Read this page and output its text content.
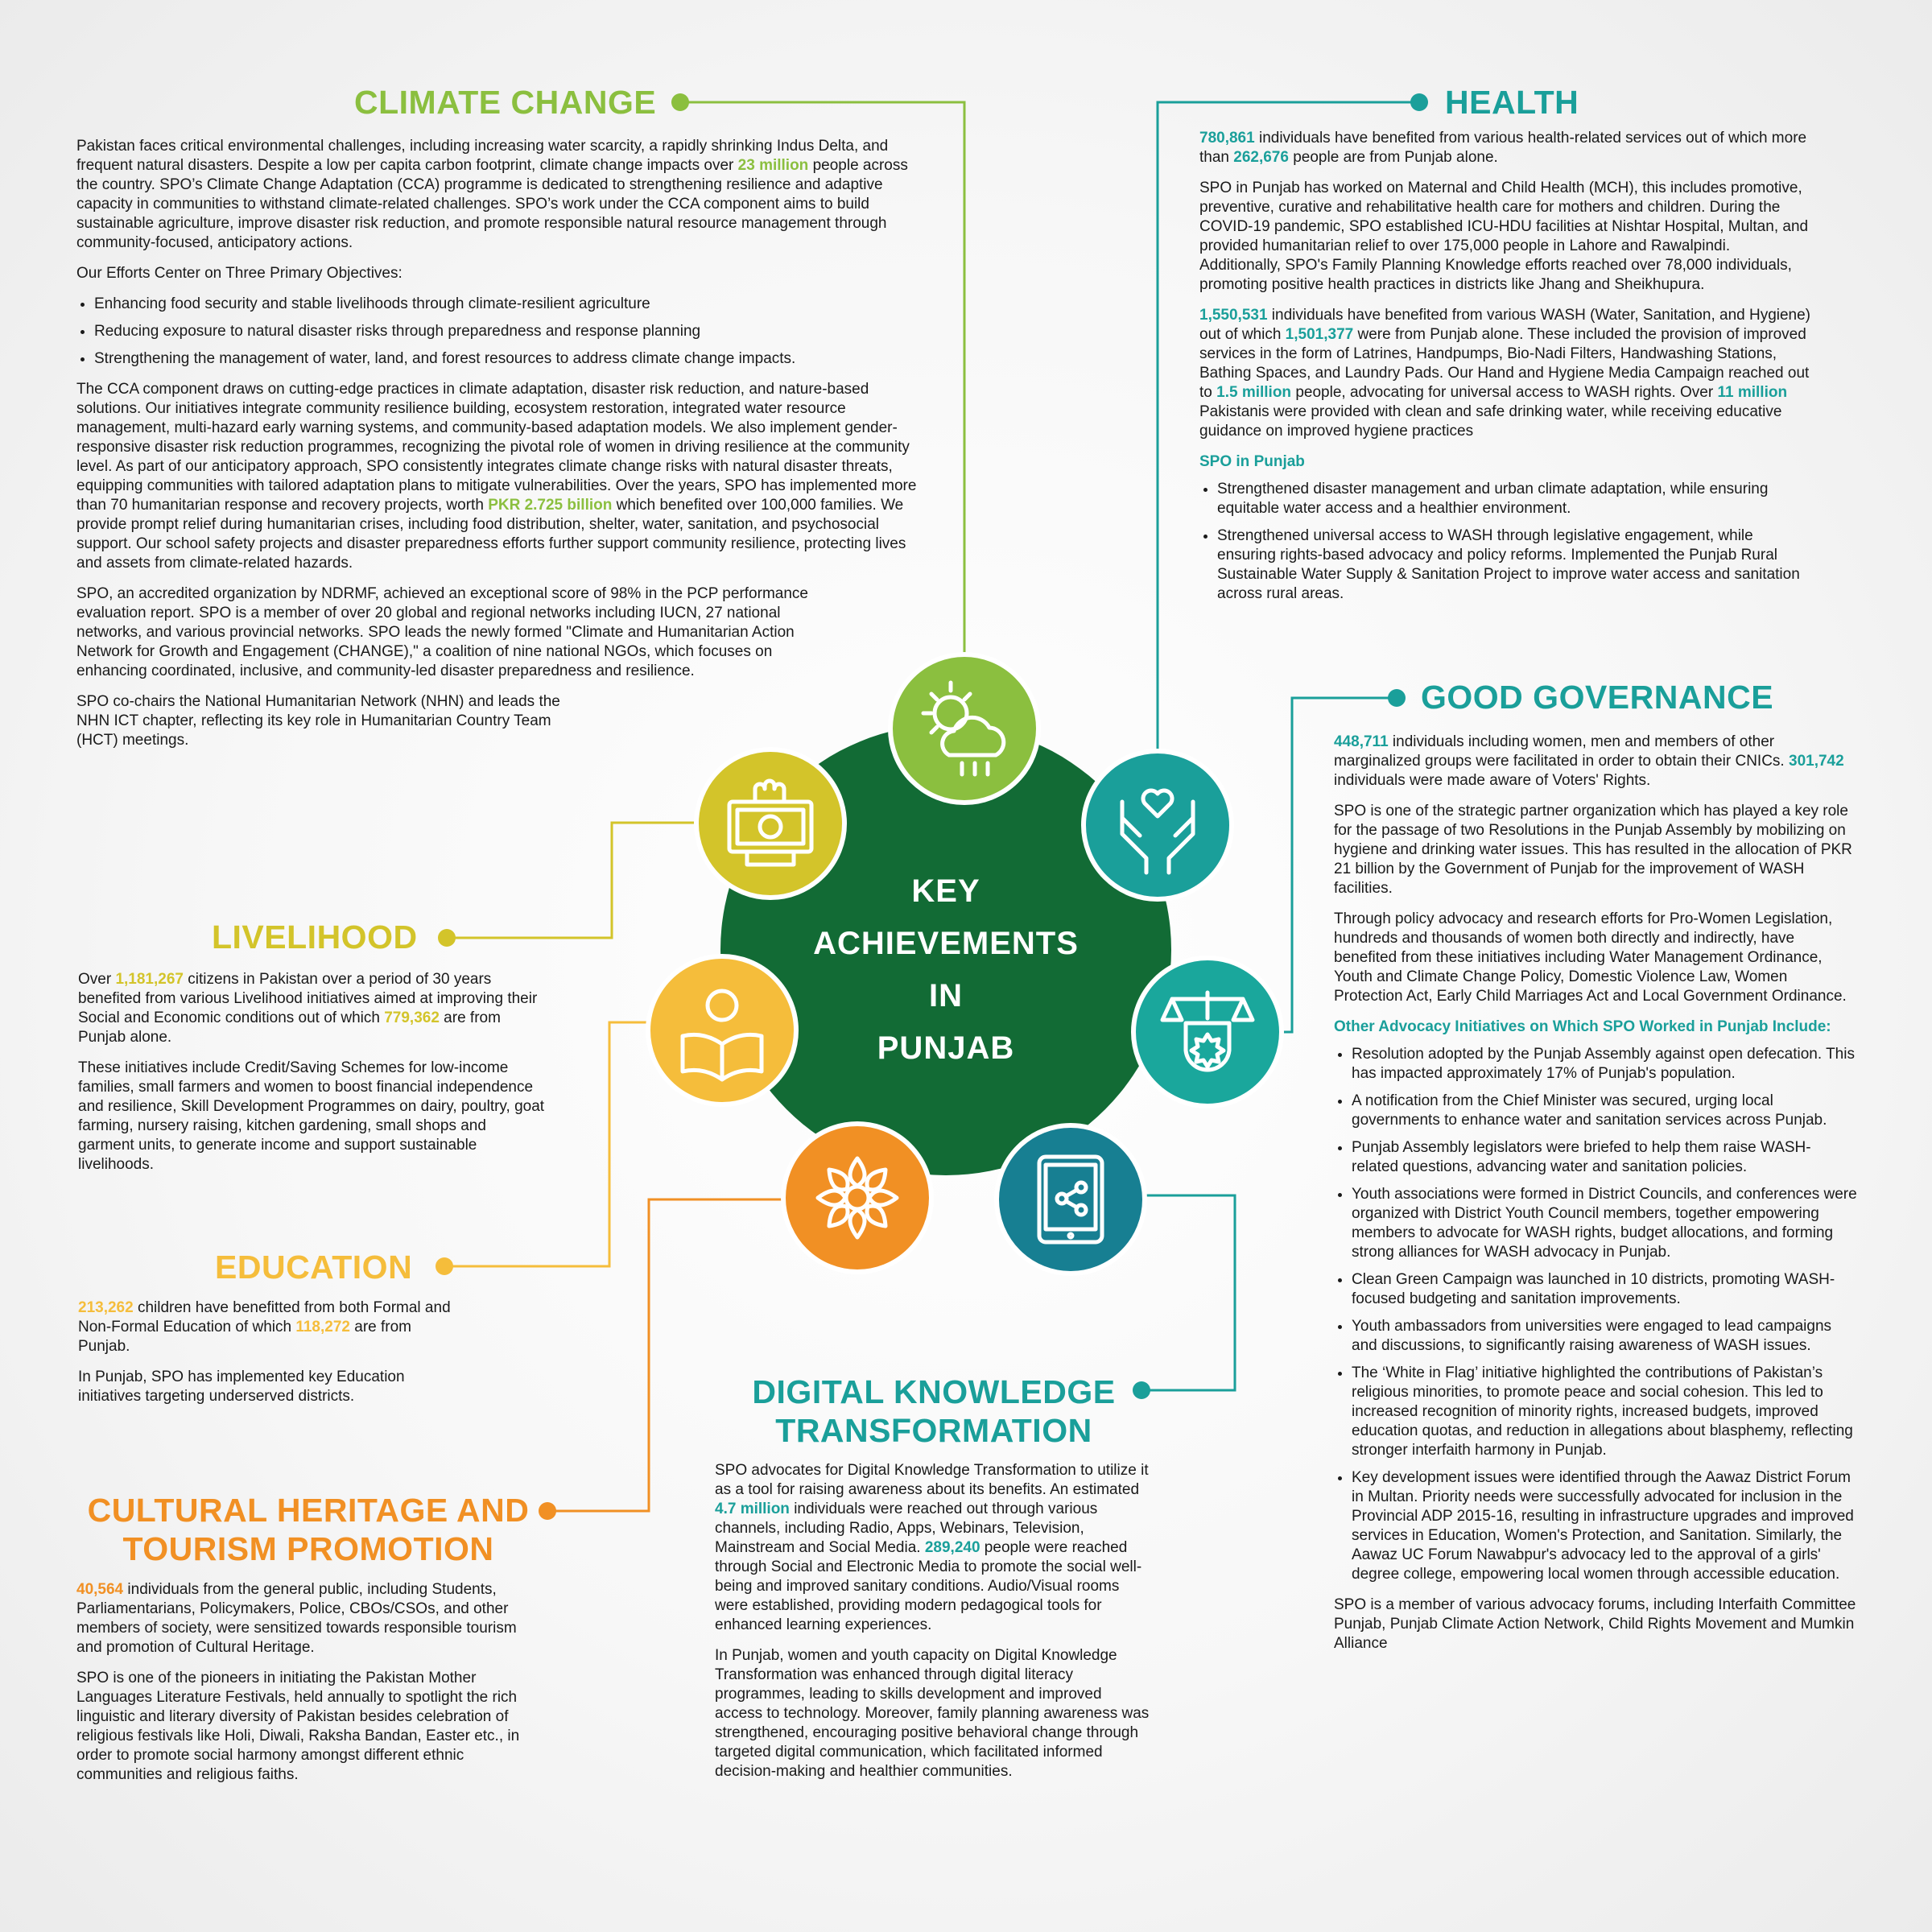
KEY
ACHIEVEMENTS
IN
PUNJAB
CLIMATE CHANGE

Pakistan faces critical environmental challenges, including increasing water scarcity, a rapidly shrinking Indus Delta, and frequent natural disasters. Despite a low per capita carbon footprint, climate change impacts over 23 million people across the country. SPO’s Climate Change Adaptation (CCA) programme is dedicated to strengthening resilience and adaptive capacity in communities to withstand climate-related challenges. SPO’s work under the CCA component aims to build sustainable agriculture, improve disaster risk reduction, and promote responsible natural resource management through community-focused, anticipatory actions.

Our Efforts Center on Three Primary Objectives:

• Enhancing food security and stable livelihoods through climate-resilient agriculture
• Reducing exposure to natural disaster risks through preparedness and response planning
• Strengthening the management of water, land, and forest resources to address climate change impacts.

The CCA component draws on cutting-edge practices in climate adaptation, disaster risk reduction, and nature-based solutions. Our initiatives integrate community resilience building, ecosystem restoration, integrated water resource management, multi-hazard early warning systems, and community-based adaptation models. We also implement gender-responsive disaster risk reduction programmes, recognizing the pivotal role of women in driving resilience at the community level. As part of our anticipatory approach, SPO consistently integrates climate change risks with natural disaster threats, equipping communities with tailored adaptation plans to mitigate vulnerabilities. Over the years, SPO has implemented more than 70 humanitarian response and recovery projects, worth PKR 2.725 billion which benefited over 100,000 families. We provide prompt relief during humanitarian crises, including food distribution, shelter, water, sanitation, and psychosocial support. Our school safety projects and disaster preparedness efforts further support community resilience, protecting lives and assets from climate-related hazards.

SPO, an accredited organization by NDRMF, achieved an exceptional score of 98% in the PCP performance evaluation report. SPO is a member of over 20 global and regional networks including IUCN, 27 national networks, and various provincial networks. SPO leads the newly formed "Climate and Humanitarian Action Network for Growth and Engagement (CHANGE)," a coalition of nine national NGOs, which focuses on enhancing coordinated, inclusive, and community-led disaster preparedness and resilience.

SPO co-chairs the National Humanitarian Network (NHN) and leads the NHN ICT chapter, reflecting its key role in Humanitarian Country Team (HCT) meetings.

LIVELIHOOD

Over 1,181,267 citizens in Pakistan over a period of 30 years benefited from various Livelihood initiatives aimed at improving their Social and Economic conditions out of which 779,362 are from Punjab alone.

These initiatives include Credit/Saving Schemes for low-income families, small farmers and women to boost financial independence and resilience, Skill Development Programmes on dairy, poultry, goat farming, nursery raising, kitchen gardening, small shops and garment units, to generate income and support sustainable livelihoods.

EDUCATION

213,262 children have benefitted from both Formal and Non-Formal Education of which 118,272 are from Punjab.

In Punjab, SPO has implemented key Education initiatives targeting underserved districts.

CULTURAL HERITAGE AND
TOURISM PROMOTION

40,564 individuals from the general public, including Students, Parliamentarians, Policymakers, Police, CBOs/CSOs, and other members of society, were sensitized towards responsible tourism and promotion of Cultural Heritage.

SPO is one of the pioneers in initiating the Pakistan Mother Languages Literature Festivals, held annually to spotlight the rich linguistic and literary diversity of Pakistan besides celebration of religious festivals like Holi, Diwali, Raksha Bandan, Easter etc., in order to promote social harmony amongst different ethnic communities and religious faiths.

DIGITAL KNOWLEDGE
TRANSFORMATION

SPO advocates for Digital Knowledge Transformation to utilize it as a tool for raising awareness about its benefits. An estimated 4.7 million individuals were reached out through various channels, including Radio, Apps, Webinars, Television, Mainstream and Social Media. 289,240 people were reached through Social and Electronic Media to promote the social well-being and improved sanitary conditions. Audio/Visual rooms were established, providing modern pedagogical tools for enhanced learning experiences.

In Punjab, women and youth capacity on Digital Knowledge Transformation was enhanced through digital literacy programmes, leading to skills development and improved access to technology. Moreover, family planning awareness was strengthened, encouraging positive behavioral change through targeted digital communication, which facilitated informed decision-making and healthier communities.

HEALTH

780,861 individuals have benefited from various health-related services out of which more than 262,676 people are from Punjab alone.

SPO in Punjab has worked on Maternal and Child Health (MCH), this includes promotive, preventive, curative and rehabilitative health care for mothers and children. During the COVID-19 pandemic, SPO established ICU-HDU facilities at Nishtar Hospital, Multan, and provided humanitarian relief to over 175,000 people in Lahore and Rawalpindi. Additionally, SPO's Family Planning Knowledge efforts reached over 78,000 individuals, promoting positive health practices in districts like Jhang and Sheikhupura.

1,550,531 individuals have benefited from various WASH (Water, Sanitation, and Hygiene) out of which 1,501,377 were from Punjab alone. These included the provision of improved services in the form of Latrines, Handpumps, Bio-Nadi Filters, Handwashing Stations, Bathing Spaces, and Laundry Pads. Our Hand and Hygiene Media Campaign reached out to 1.5 million people, advocating for universal access to WASH rights. Over 11 million Pakistanis were provided with clean and safe drinking water, while receiving educative guidance on improved hygiene practices

SPO in Punjab
• Strengthened disaster management and urban climate adaptation, while ensuring equitable water access and a healthier environment.
• Strengthened universal access to WASH through legislative engagement, while ensuring rights-based advocacy and policy reforms. Implemented the Punjab Rural Sustainable Water Supply & Sanitation Project to improve water access and sanitation across rural areas.
GOOD GOVERNANCE

448,711 individuals including women, men and members of other marginalized groups were facilitated in order to obtain their CNICs. 301,742 individuals were made aware of Voters' Rights.

SPO is one of the strategic partner organization which has played a key role for the passage of two Resolutions in the Punjab Assembly by mobilizing on hygiene and drinking water issues. This has resulted in the allocation of PKR 21 billion by the Government of Punjab for the improvement of WASH facilities.

Through policy advocacy and research efforts for Pro-Women Legislation, hundreds and thousands of women both directly and indirectly, have benefited from these initiatives including Water Management Ordinance, Youth and Climate Change Policy, Domestic Violence Law, Women Protection Act, Early Child Marriages Act and Local Government Ordinance.

Other Advocacy Initiatives on Which SPO Worked in Punjab Include:
• Resolution adopted by the Punjab Assembly against open defecation. This has impacted approximately 17% of Punjab's population.
• A notification from the Chief Minister was secured, urging local governments to enhance water and sanitation services across Punjab.
• Punjab Assembly legislators were briefed to help them raise WASH-related questions, advancing water and sanitation policies.
• Youth associations were formed in District Councils, and conferences were organized with District Youth Council members, together empowering members to advocate for WASH rights, budget allocations, and forming strong alliances for WASH advocacy in Punjab.
• Clean Green Campaign was launched in 10 districts, promoting WASH-focused budgeting and sanitation improvements.
• Youth ambassadors from universities were engaged to lead campaigns and discussions, to significantly raising awareness of WASH issues.
• The ‘White in Flag’ initiative highlighted the contributions of Pakistan’s religious minorities, to promote peace and social cohesion. This led to increased recognition of minority rights, increased budgets, improved education quotas, and reduction in allegations about blasphemy, reflecting stronger interfaith harmony in Punjab.
• Key development issues were identified through the Aawaz District Forum in Multan. Priority needs were successfully advocated for inclusion in the Provincial ADP 2015-16, resulting in infrastructure upgrades and improved services in Education, Women's Protection, and Sanitation. Similarly, the Aawaz UC Forum Nawabpur's advocacy led to the approval of a girls' degree college, empowering local women through accessible education.

SPO is a member of various advocacy forums, including Interfaith Committee Punjab, Punjab Climate Action Network, Child Rights Movement and Mumkin Alliance
